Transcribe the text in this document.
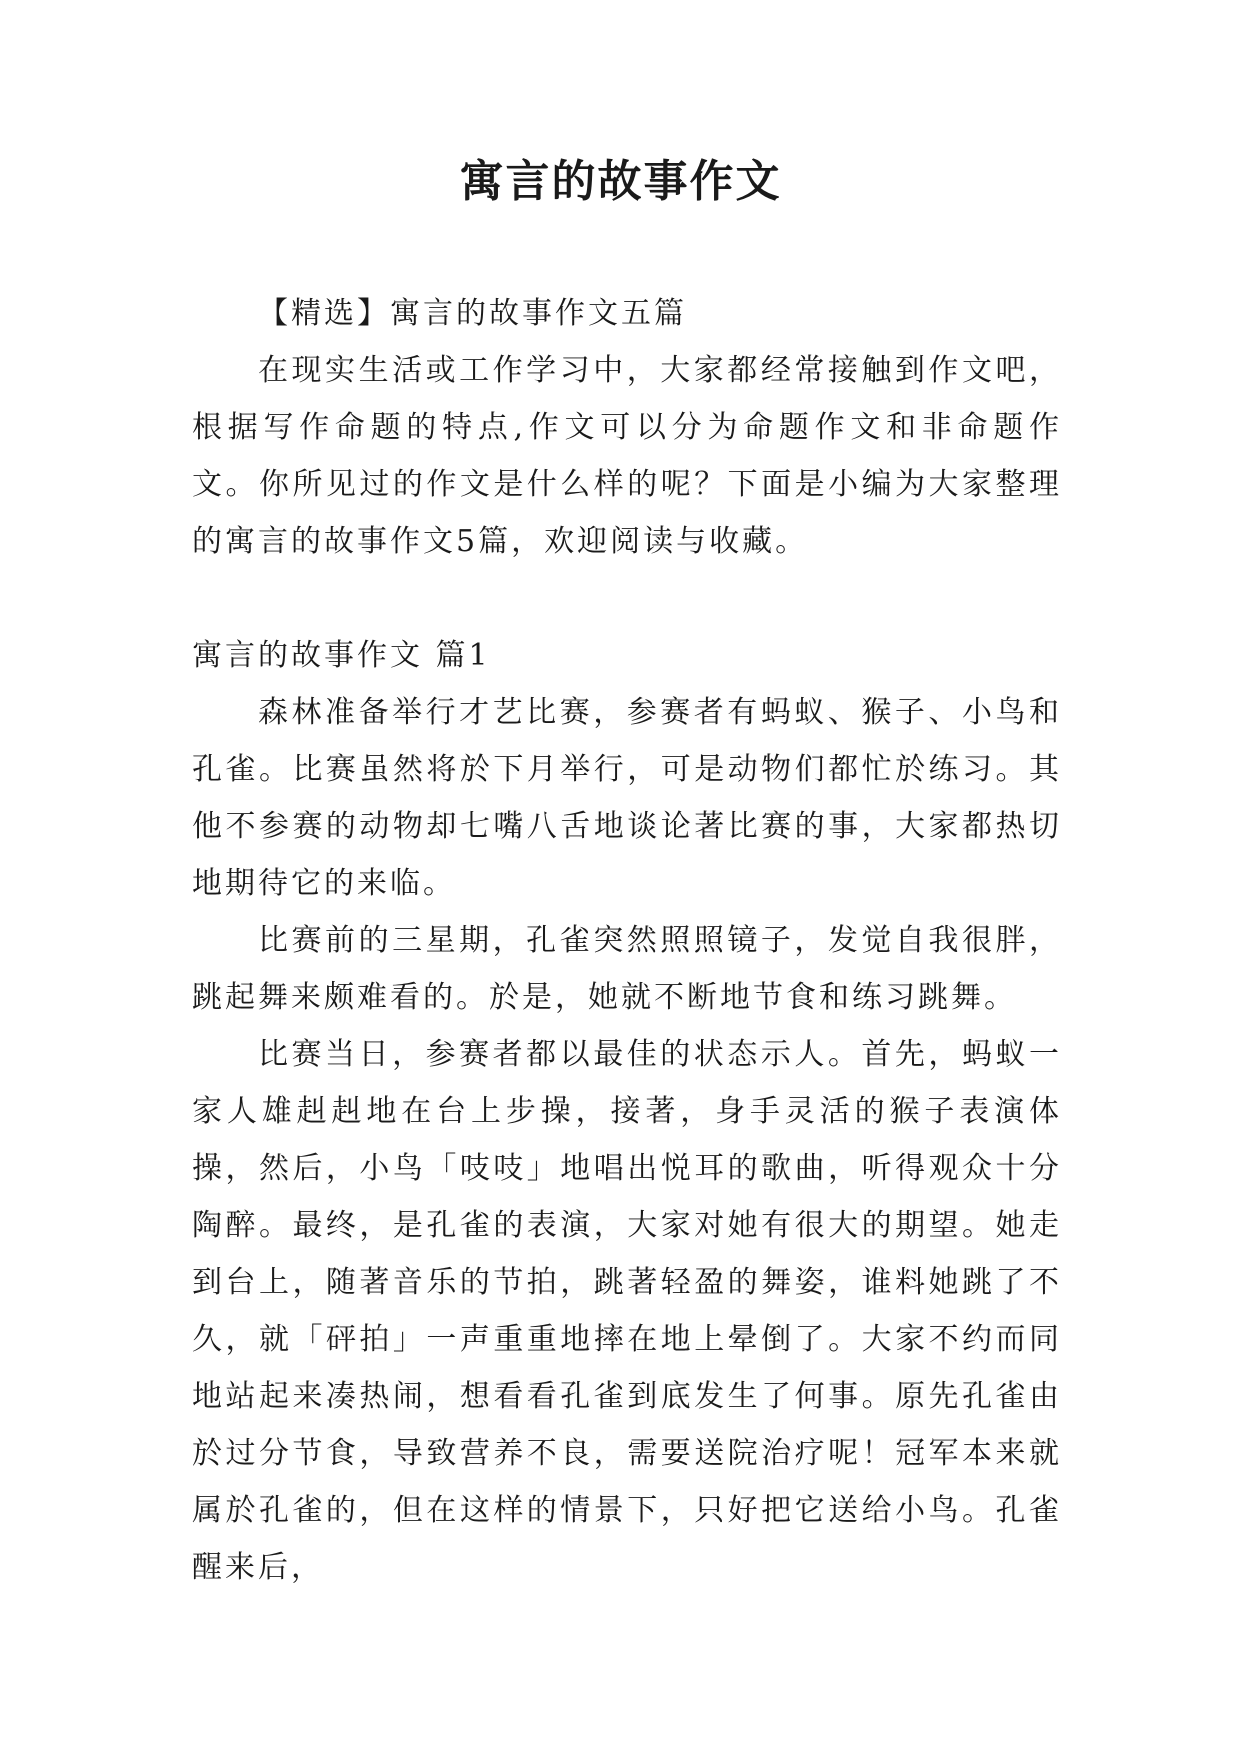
寓言的故事作文

【精选】寓言的故事作文五篇

在现实生活或工作学习中，大家都经常接触到作文吧，根据写作命题的特点,作文可以分为命题作文和非命题作文。你所见过的作文是什么样的呢？下面是小编为大家整理的寓言的故事作文5篇，欢迎阅读与收藏。

寓言的故事作文 篇1

森林准备举行才艺比赛，参赛者有蚂蚁、猴子、小鸟和孔雀。比赛虽然将於下月举行，可是动物们都忙於练习。其他不参赛的动物却七嘴八舌地谈论著比赛的事，大家都热切地期待它的来临。

比赛前的三星期，孔雀突然照照镜子，发觉自我很胖，跳起舞来颇难看的。於是，她就不断地节食和练习跳舞。

比赛当日，参赛者都以最佳的状态示人。首先，蚂蚁一家人雄赳赳地在台上步操，接著，身手灵活的猴子表演体操，然后，小鸟「吱吱」地唱出悦耳的歌曲，听得观众十分陶醉。最终，是孔雀的表演，大家对她有很大的期望。她走到台上，随著音乐的节拍，跳著轻盈的舞姿，谁料她跳了不久，就「砰拍」一声重重地摔在地上晕倒了。大家不约而同地站起来凑热闹，想看看孔雀到底发生了何事。原先孔雀由於过分节食，导致营养不良，需要送院治疗呢！冠军本来就属於孔雀的，但在这样的情景下，只好把它送给小鸟。孔雀醒来后，
